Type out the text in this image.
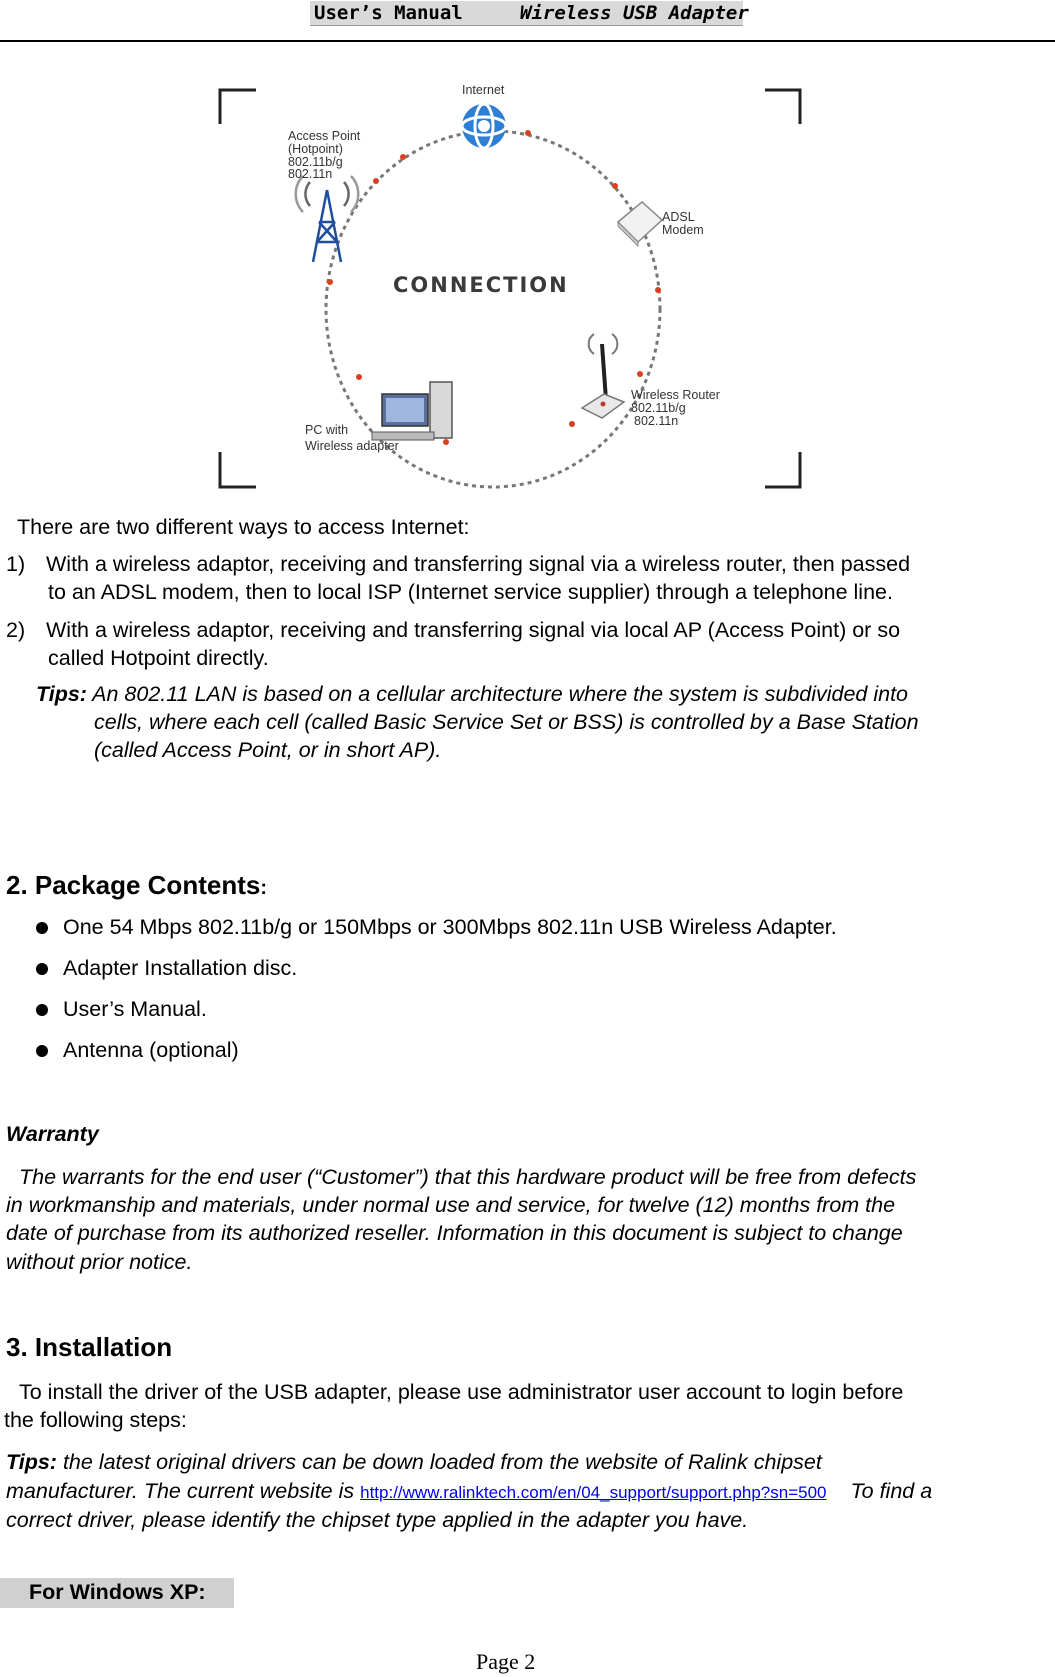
User’s Manual	Wireless USB Adapter
Internet
Access Point
(Hotpoint)
802.11b/g
802.11n
ADSL
Modem
CONNECTION
Wireless Router
802.11b/g
802.11n
PC with
Wireless adapter
There are two different ways to access Internet:
1) With a wireless adaptor, receiving and transferring signal via a wireless router, then passed
to an ADSL modem, then to local ISP (Internet service supplier) through a telephone line.
2) With a wireless adaptor, receiving and transferring signal via local AP (Access Point) or so
called Hotpoint directly.
Tips: An 802.11 LAN is based on a cellular architecture where the system is subdivided into
cells, where each cell (called Basic Service Set or BSS) is controlled by a Base Station
(called Access Point, or in short AP).
2. Package Contents:
One 54 Mbps 802.11b/g or 150Mbps or 300Mbps 802.11n USB Wireless Adapter.
Adapter Installation disc.
User’s Manual.
Antenna (optional)
Warranty
The warrants for the end user (“Customer”) that this hardware product will be free from defects
in workmanship and materials, under normal use and service, for twelve (12) months from the
date of purchase from its authorized reseller. Information in this document is subject to change
without prior notice.
3. Installation
To install the driver of the USB adapter, please use administrator user account to login before
the following steps:
Tips: the latest original drivers can be down loaded from the website of Ralink chipset
manufacturer. The current website is http://www.ralinktech.com/en/04_support/support.php?sn=500 To find a
correct driver, please identify the chipset type applied in the adapter you have.
For Windows XP:
Page 2
